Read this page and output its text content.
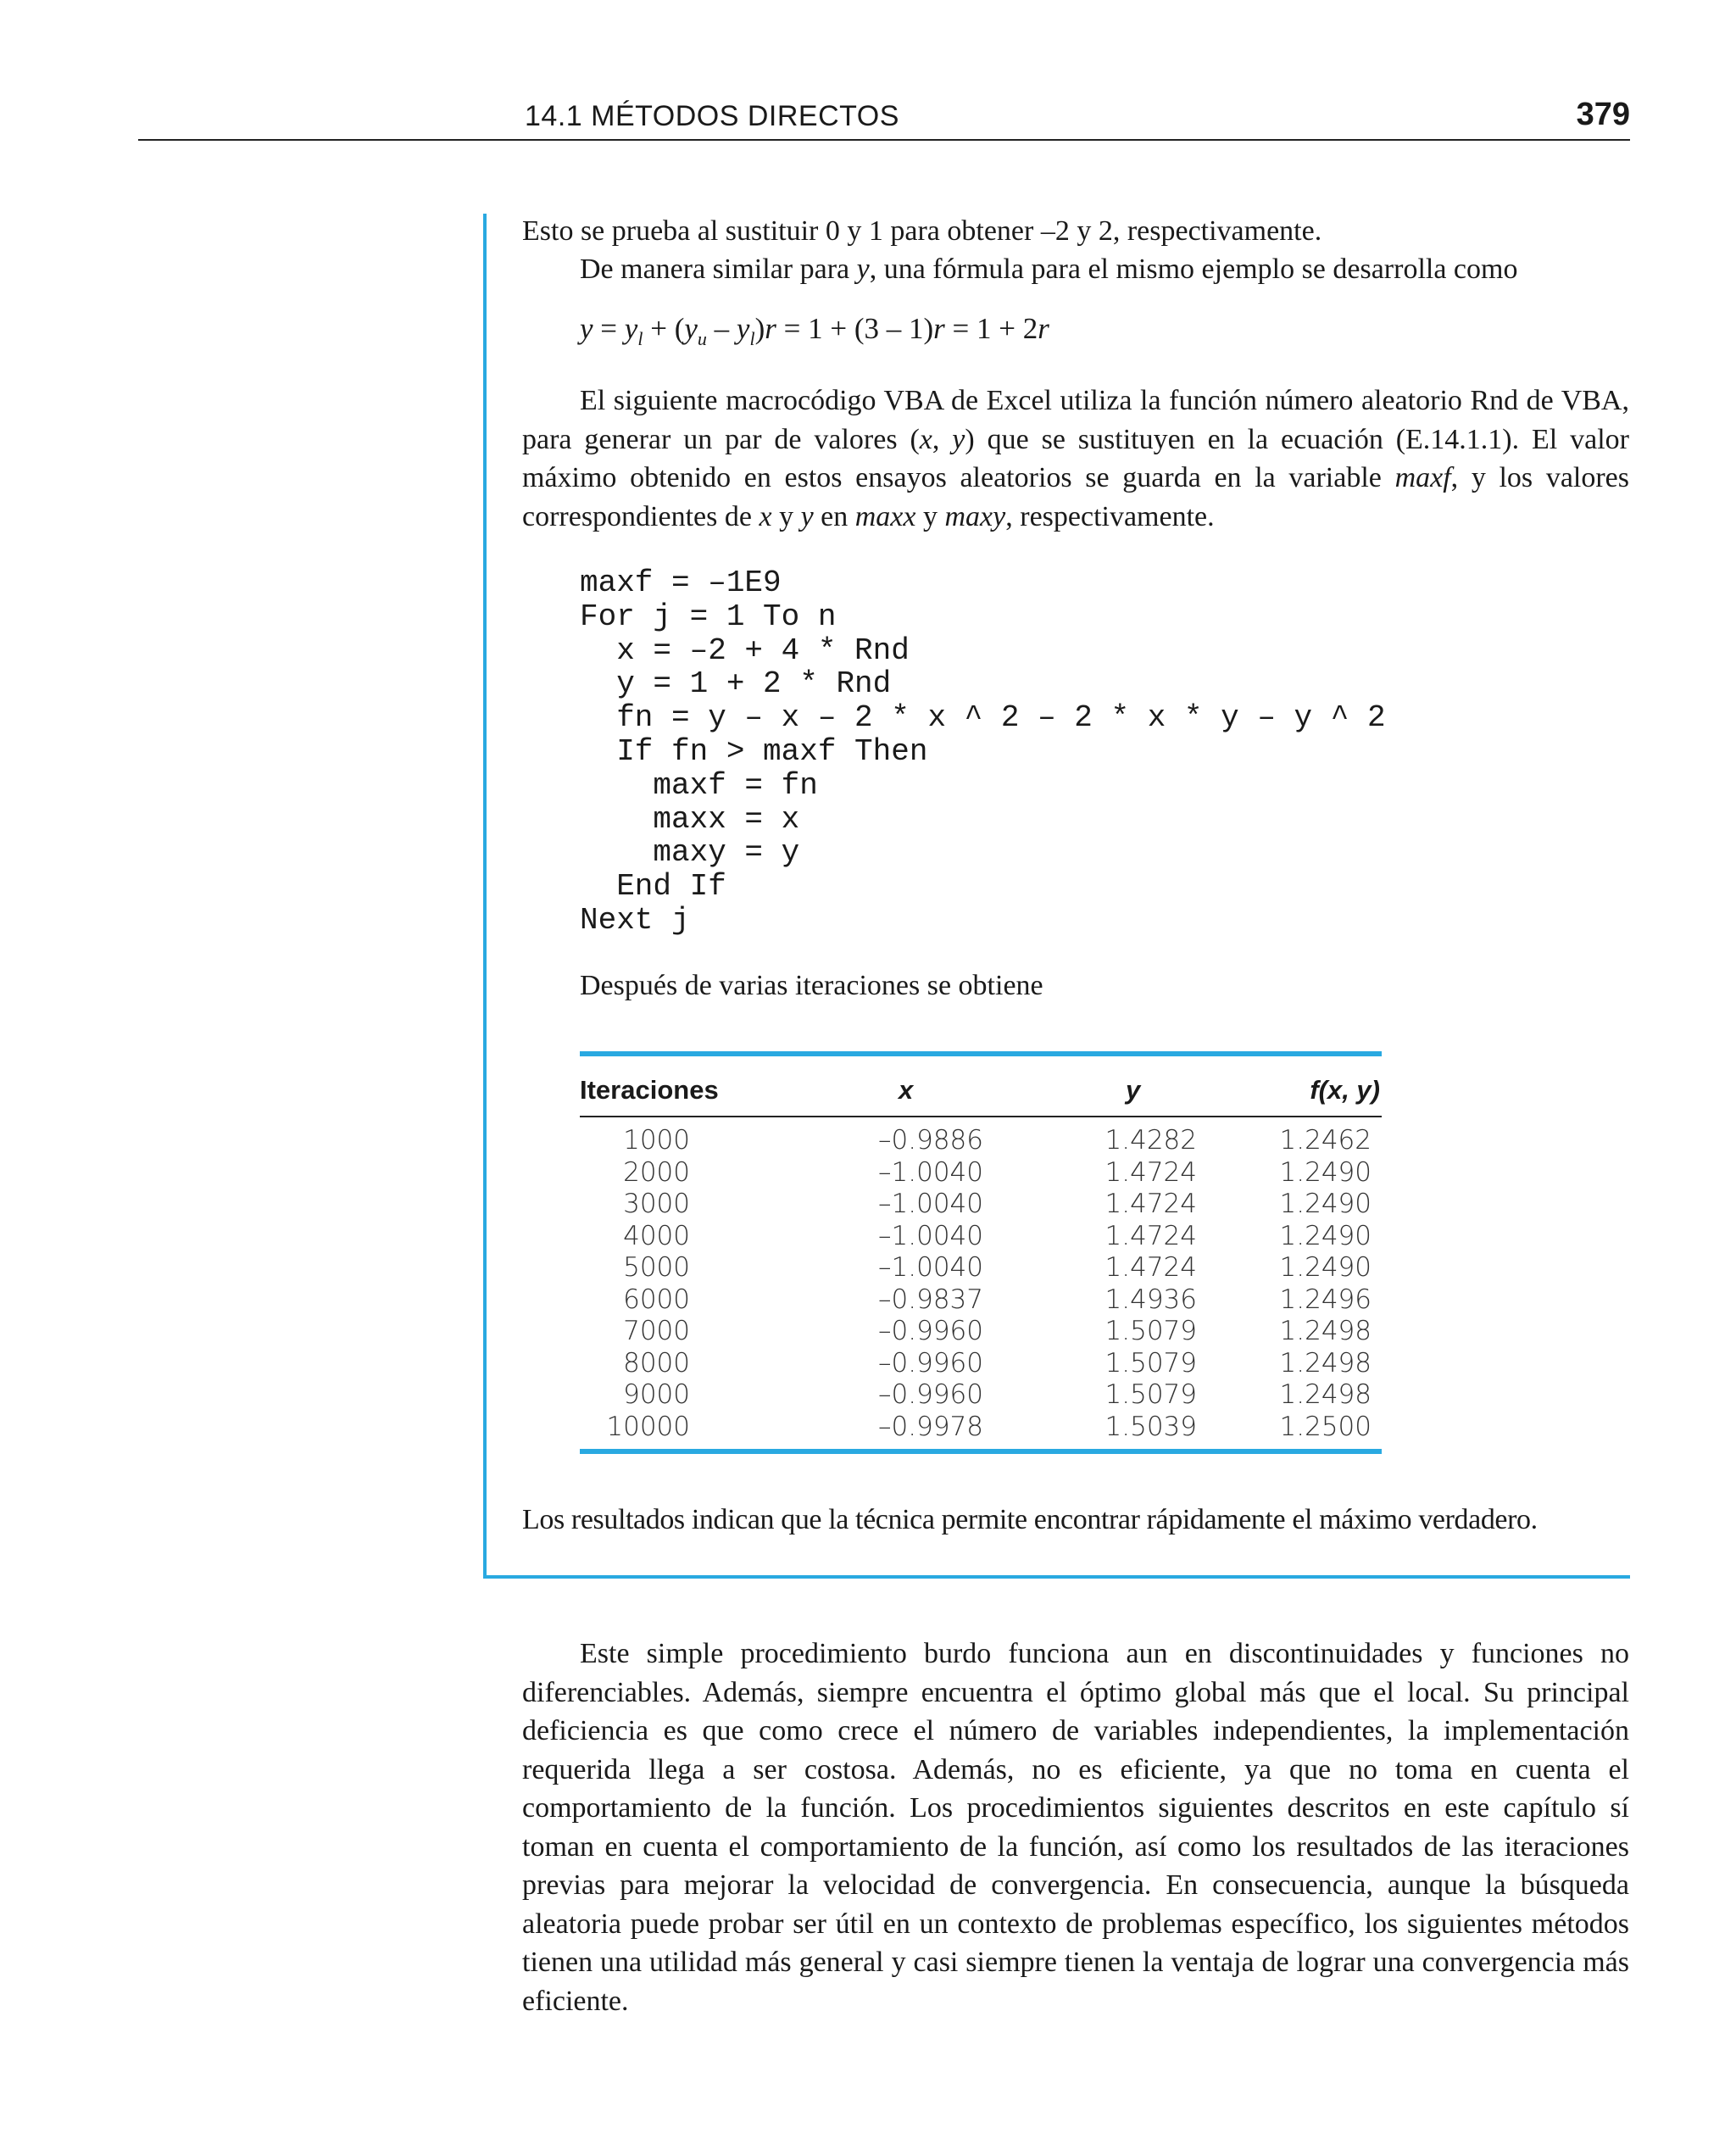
14.1 MÉTODOS DIRECTOS	379

Esto se prueba al sustituir 0 y 1 para obtener –2 y 2, respectivamente.

De manera similar para y, una fórmula para el mismo ejemplo se desarrolla como

$y = y_l + (y_u - y_l)r = 1 + (3 - 1)r = 1 + 2r$

El siguiente macrocódigo VBA de Excel utiliza la función número aleatorio Rnd de VBA, para generar un par de valores (x, y) que se sustituyen en la ecuación (E.14.1.1). El valor máximo obtenido en estos ensayos aleatorios se guarda en la variable maxf, y los valores correspondientes de x y y en maxx y maxy, respectivamente.

maxf = –1E9
For j = 1 To n
x = –2 + 4 * Rnd
y = 1 + 2 * Rnd
fn = y – x – 2 * x ^ 2 – 2 * x * y – y ^ 2
If fn > maxf Then
maxf = fn
maxx = x
maxy = y
End If
Next j

Después de varias iteraciones se obtiene

Iteraciones	x	y	f(x, y)
1000	–0.9886	1.4282	1.2462
2000	–1.0040	1.4724	1.2490
3000	–1.0040	1.4724	1.2490
4000	–1.0040	1.4724	1.2490
5000	–1.0040	1.4724	1.2490
6000	–0.9837	1.4936	1.2496
7000	–0.9960	1.5079	1.2498
8000	–0.9960	1.5079	1.2498
9000	–0.9960	1.5079	1.2498
10000	–0.9978	1.5039	1.2500

Los resultados indican que la técnica permite encontrar rápidamente el máximo verdadero.

Este simple procedimiento burdo funciona aun en discontinuidades y funciones no diferenciables. Además, siempre encuentra el óptimo global más que el local. Su principal deficiencia es que como crece el número de variables independientes, la implementación requerida llega a ser costosa. Además, no es eficiente, ya que no toma en cuenta el comportamiento de la función. Los procedimientos siguientes descritos en este capítulo sí toman en cuenta el comportamiento de la función, así como los resultados de las iteraciones previas para mejorar la velocidad de convergencia. En consecuencia, aunque la búsqueda aleatoria puede probar ser útil en un contexto de problemas específico, los siguientes métodos tienen una utilidad más general y casi siempre tienen la ventaja de lograr una convergencia más eficiente.
